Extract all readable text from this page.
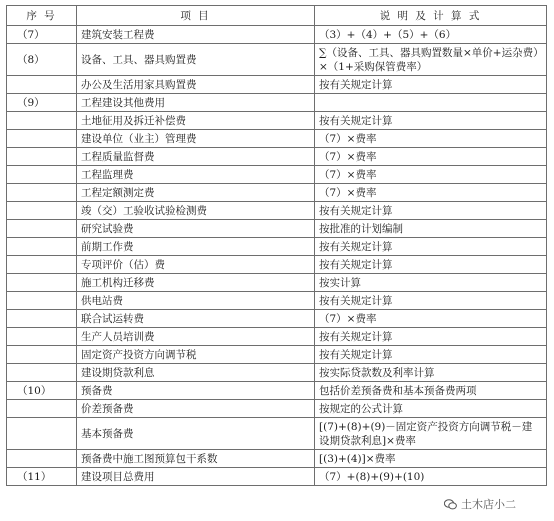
序 号	项 目	说 明 及 计 算 式
（7）	建筑安装工程费	（3）+（4）+（5）+（6）
（8）	设备、工具、器具购置费	∑（设备、工具、器具购置数量×单价+运杂费）×（1+采购保管费率）
	办公及生活用家具购置费	按有关规定计算
（9）	工程建设其他费用	
	土地征用及拆迁补偿费	按有关规定计算
	建设单位（业主）管理费	（7）×费率
	工程质量监督费	（7）×费率
	工程监理费	（7）×费率
	工程定额测定费	（7）×费率
	竣（交）工验收试验检测费	按有关规定计算
	研究试验费	按批准的计划编制
	前期工作费	按有关规定计算
	专项评价（估）费	按有关规定计算
	施工机构迁移费	按实计算
	供电站费	按有关规定计算
	联合试运转费	（7）×费率
	生产人员培训费	按有关规定计算
	固定资产投资方向调节税	按有关规定计算
	建设期贷款利息	按实际贷款数及利率计算
（10）	预备费	包括价差预备费和基本预备费两项
	价差预备费	按规定的公式计算
	基本预备费	[(7)+(8)+(9)－固定资产投资方向调节税－建设期贷款利息]×费率
	预备费中施工图预算包干系数	[(3)+(4)]×费率
（11）	建设项目总费用	（7）+(8)+(9)+(10)
土木店小二
